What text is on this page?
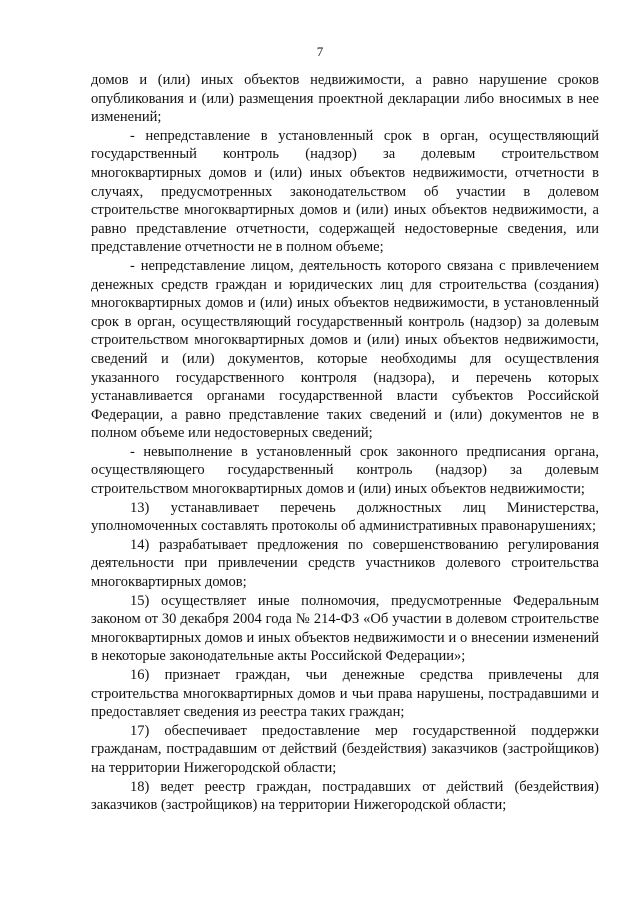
7

домов и (или) иных объектов недвижимости, а равно нарушение сроков опубликования и (или) размещения проектной декларации либо вносимых в нее изменений;

- непредставление в установленный срок в орган, осуществляющий государственный контроль (надзор) за долевым строительством многоквартирных домов и (или) иных объектов недвижимости, отчетности в случаях, предусмотренных законодательством об участии в долевом строительстве многоквартирных домов и (или) иных объектов недвижимости, а равно представление отчетности, содержащей недостоверные сведения, или представление отчетности не в полном объеме;

- непредставление лицом, деятельность которого связана с привлечением денежных средств граждан и юридических лиц для строительства (создания) многоквартирных домов и (или) иных объектов недвижимости, в установленный срок в орган, осуществляющий государственный контроль (надзор) за долевым строительством многоквартирных домов и (или) иных объектов недвижимости, сведений и (или) документов, которые необходимы для осуществления указанного государственного контроля (надзора), и перечень которых устанавливается органами государственной власти субъектов Российской Федерации, а равно представление таких сведений и (или) документов не в полном объеме или недостоверных сведений;

- невыполнение в установленный срок законного предписания органа, осуществляющего государственный контроль (надзор) за долевым строительством многоквартирных домов и (или) иных объектов недвижимости;

13) устанавливает перечень должностных лиц Министерства, уполномоченных составлять протоколы об административных правонарушениях;

14) разрабатывает предложения по совершенствованию регулирования деятельности при привлечении средств участников долевого строительства многоквартирных домов;

15) осуществляет иные полномочия, предусмотренные Федеральным законом от 30 декабря 2004 года № 214-ФЗ «Об участии в долевом строительстве многоквартирных домов и иных объектов недвижимости и о внесении изменений в некоторые законодательные акты Российской Федерации»;

16) признает граждан, чьи денежные средства привлечены для строительства многоквартирных домов и чьи права нарушены, пострадавшими и предоставляет сведения из реестра таких граждан;

17) обеспечивает предоставление мер государственной поддержки гражданам, пострадавшим от действий (бездействия) заказчиков (застройщиков) на территории Нижегородской области;

18) ведет реестр граждан, пострадавших от действий (бездействия) заказчиков (застройщиков) на территории Нижегородской области;
